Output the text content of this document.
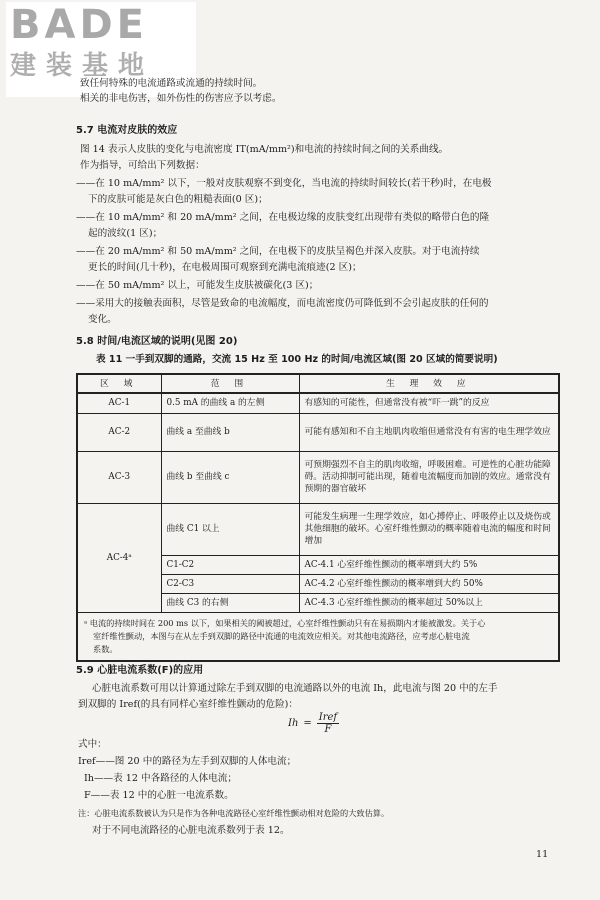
BADE
建装基地
致任何特殊的电流通路或流通的持续时间。
相关的非电伤害，如外伤性的伤害应予以考虑。
5.7 电流对皮肤的效应
图 14 表示人皮肤的变化与电流密度 IT(mA/mm²)和电流的持续时间之间的关系曲线。
作为指导，可给出下列数据：
——在 10 mA/mm² 以下，一般对皮肤观察不到变化，当电流的持续时间较长(若干秒)时，在电极
下的皮肤可能是灰白色的粗糙表面(0 区)；
——在 10 mA/mm² 和 20 mA/mm² 之间，在电极边缘的皮肤变红出现带有类似的略带白色的隆
起的波纹(1 区)；
——在 20 mA/mm² 和 50 mA/mm² 之间，在电极下的皮肤呈褐色并深入皮肤。对于电流持续
更长的时间(几十秒)，在电极周围可观察到充满电流痕迹(2 区)；
——在 50 mA/mm² 以上，可能发生皮肤被碳化(3 区)；
——采用大的接触表面积，尽管是致命的电流幅度，而电流密度仍可降低到不会引起皮肤的任何的
变化。
5.8 时间/电流区域的说明(见图 20)
表 11 一手到双脚的通路，交流 15 Hz 至 100 Hz 的时间/电流区域(图 20 区域的简要说明)
区 域	范 围	生 理 效 应
AC-1	0.5 mA 的曲线 a 的左侧	有感知的可能性，但通常没有被“吓一跳”的反应
AC-2	曲线 a 至曲线 b	可能有感知和不自主地肌肉收缩但通常没有有害的电生理学效应
AC-3	曲线 b 至曲线 c	可预期强烈不自主的肌肉收缩，呼吸困难。可逆性的心脏功能障碍。活动抑制可能出现，随着电流幅度而加剧的效应。通常没有预期的器官破坏
AC-4ᵃ	曲线 C1 以上	可能发生病理一生理学效应，如心搏停止、呼吸停止以及烧伤或其他细胞的破坏。心室纤维性颤动的概率随着电流的幅度和时间增加
	C1-C2	AC-4.1 心室纤维性颤动的概率增到大约 5%
	C2-C3	AC-4.2 心室纤维性颤动的概率增到大约 50%
	曲线 C3 的右侧	AC-4.3 心室纤维性颤动的概率超过 50%以上

ᵃ 电流的持续时间在 200 ms 以下，如果相关的阈被超过，心室纤维性颤动只有在易损期内才能被激发。关于心
室纤维性颤动，本图与在从左手到双脚的路径中流通的电流效应相关。对其他电流路径，应考虑心脏电流
系数。		
5.9 心脏电流系数(F)的应用
心脏电流系数可用以计算通过除左手到双脚的电流通路以外的电流 Ih，此电流与图 20 中的左手
到双脚的 Iref(的具有同样心室纤维性颤动的危险)：
$Ih = \frac{\text{Iref}}{F}$
式中：
Iref——图 20 中的路径为左手到双脚的人体电流；
Ih——表 12 中各路径的人体电流；
F——表 12 中的心脏一电流系数。
注：心脏电流系数被认为只是作为各种电流路径心室纤维性颤动相对危险的大致估算。
对于不同电流路径的心脏电流系数列于表 12。
11
